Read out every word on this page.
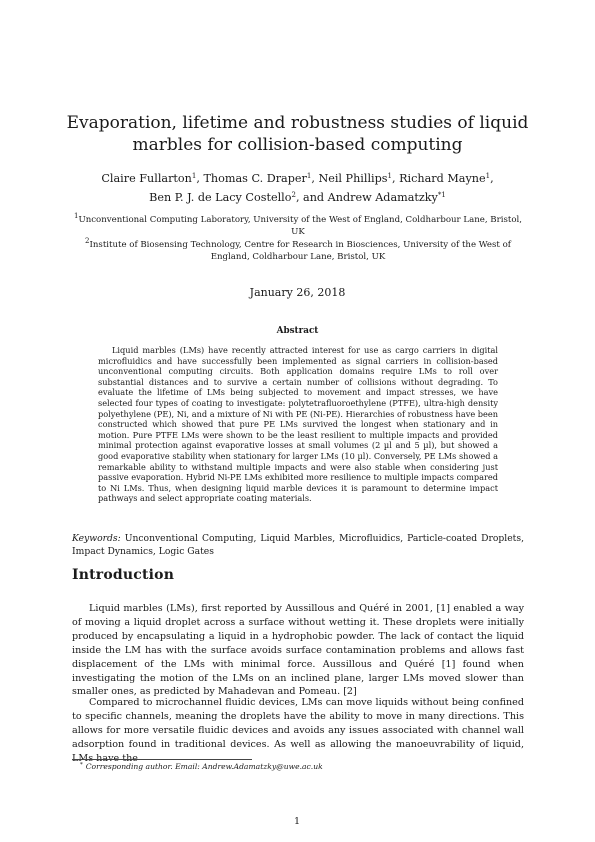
Evaporation, lifetime and robustness studies of liquid marbles for collision-based computing

Claire Fullarton$^1$, Thomas C. Draper$^1$, Neil Phillips$^1$, Richard Mayne$^1$,
Ben P. J. de Lacy Costello$^2$, and Andrew Adamatzky$^{*1}$

$^1$Unconventional Computing Laboratory, University of the West of England, Coldharbour Lane, Bristol, UK

$^2$Institute of Biosensing Technology, Centre for Research in Biosciences, University of the West of England, Coldharbour Lane, Bristol, UK

January 26, 2018

Abstract

Liquid marbles (LMs) have recently attracted interest for use as cargo carriers in digital microfluidics and have successfully been implemented as signal carriers in collision-based unconventional computing circuits. Both application domains require LMs to roll over substantial distances and to survive a certain number of collisions without degrading. To evaluate the lifetime of LMs being subjected to movement and impact stresses, we have selected four types of coating to investigate: polytetrafluoroethylene (PTFE), ultra-high density polyethylene (PE), Ni, and a mixture of Ni with PE (Ni-PE). Hierarchies of robustness have been constructed which showed that pure PE LMs survived the longest when stationary and in motion. Pure PTFE LMs were shown to be the least resilient to multiple impacts and provided minimal protection against evaporative losses at small volumes (2 µl and 5 µl), but showed a good evaporative stability when stationary for larger LMs (10 µl). Conversely, PE LMs showed a remarkable ability to withstand multiple impacts and were also stable when considering just passive evaporation. Hybrid Ni-PE LMs exhibited more resilience to multiple impacts compared to Ni LMs. Thus, when designing liquid marble devices it is paramount to determine impact pathways and select appropriate coating materials.

Keywords: Unconventional Computing, Liquid Marbles, Microfluidics, Particle-coated Droplets, Impact Dynamics, Logic Gates

Introduction

Liquid marbles (LMs), first reported by Aussillous and Quéré in 2001, [1] enabled a way of moving a liquid droplet across a surface without wetting it. These droplets were initially produced by encapsulating a liquid in a hydrophobic powder. The lack of contact the liquid inside the LM has with the surface avoids surface contamination problems and allows fast displacement of the LMs with minimal force. Aussillous and Quéré [1] found when investigating the motion of the LMs on an inclined plane, larger LMs moved slower than smaller ones, as predicted by Mahadevan and Pomeau. [2]

Compared to microchannel fluidic devices, LMs can move liquids without being confined to specific channels, meaning the droplets have the ability to move in many directions. This allows for more versatile fluidic devices and avoids any issues associated with channel wall adsorption found in traditional devices. As well as allowing the manoeuvrability of liquid, LMs have the

* Corresponding author. Email: Andrew.Adamatzky@uwe.ac.uk

1
